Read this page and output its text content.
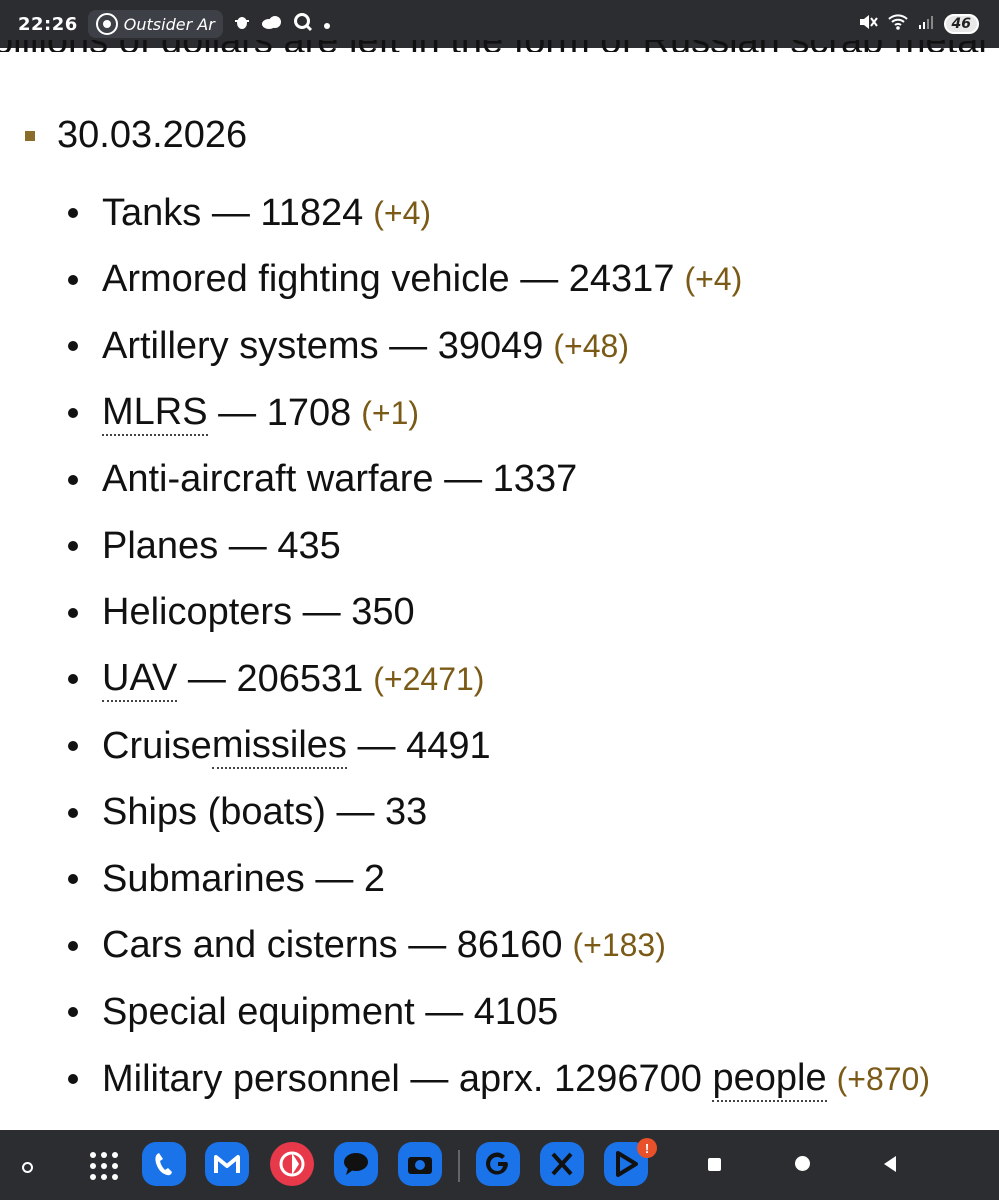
22:26	Outsider Ar	46
30.03.2026
Tanks
—
11824 (+4)
Armored fighting vehicle
—
24317 (+4)
Artillery systems
—
39049 (+48)
MLRS
—
1708 (+1)
Anti-aircraft warfare
—
1337
Planes
—
435
Helicopters
—
350
UAV
—
206531 (+2471)
Cruise missiles
—
4491
Ships (boats)
—
33
Submarines
—
2
Cars and cisterns
—
86160 (+183)
Special equipment
—
4105
Military personnel
—
aprx. 1296700
people (+870)
!
